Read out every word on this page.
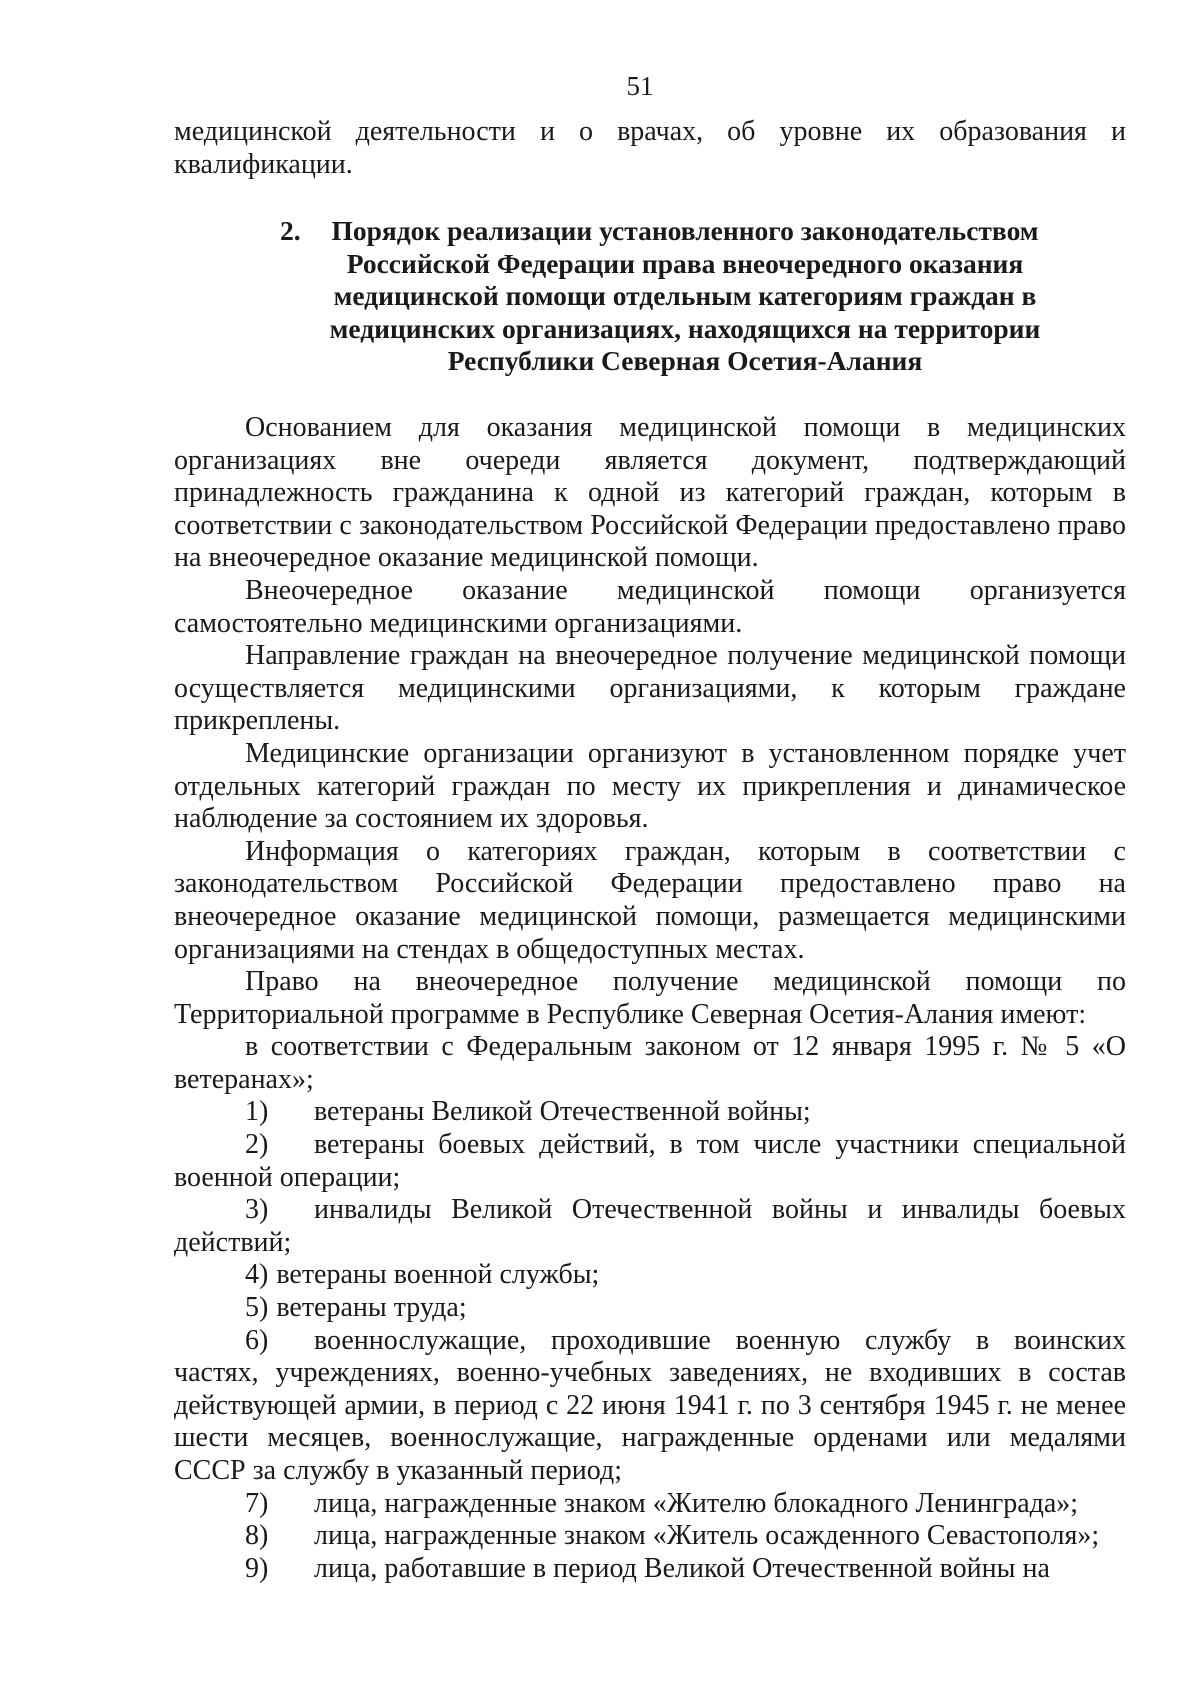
51

медицинской деятельности и о врачах, об уровне их образования и квалификации.

2.	Порядок реализации установленного законодательством
Российской Федерации права внеочередного оказания
медицинской помощи отдельным категориям граждан в
медицинских организациях, находящихся на территории
Республики Северная Осетия-Алания

Основанием для оказания медицинской помощи в медицинских организациях вне очереди является документ, подтверждающий принадлежность гражданина к одной из категорий граждан, которым в соответствии с законодательством Российской Федерации предоставлено право на внеочередное оказание медицинской помощи.

Внеочередное оказание медицинской помощи организуется самостоятельно медицинскими организациями.

Направление граждан на внеочередное получение медицинской помощи осуществляется медицинскими организациями, к которым граждане прикреплены.

Медицинские организации организуют в установленном порядке учет отдельных категорий граждан по месту их прикрепления и динамическое наблюдение за состоянием их здоровья.

Информация о категориях граждан, которым в соответствии с законодательством Российской Федерации предоставлено право на внеочередное оказание медицинской помощи, размещается медицинскими организациями на стендах в общедоступных местах.

Право на внеочередное получение медицинской помощи по Территориальной программе в Республике Северная Осетия-Алания имеют:

в соответствии с Федеральным законом от 12 января 1995 г. № 5 «О ветеранах»;

1) ветераны Великой Отечественной войны;

2) ветераны боевых действий, в том числе участники специальной военной операции;

3) инвалиды Великой Отечественной войны и инвалиды боевых действий;

4) ветераны военной службы;

5) ветераны труда;

6) военнослужащие, проходившие военную службу в воинских частях, учреждениях, военно-учебных заведениях, не входивших в состав действующей армии, в период с 22 июня 1941 г. по 3 сентября 1945 г. не менее шести месяцев, военнослужащие, награжденные орденами или медалями СССР за службу в указанный период;

7) лица, награжденные знаком «Жителю блокадного Ленинграда»;

8) лица, награжденные знаком «Житель осажденного Севастополя»;

9) лица, работавшие в период Великой Отечественной войны на
